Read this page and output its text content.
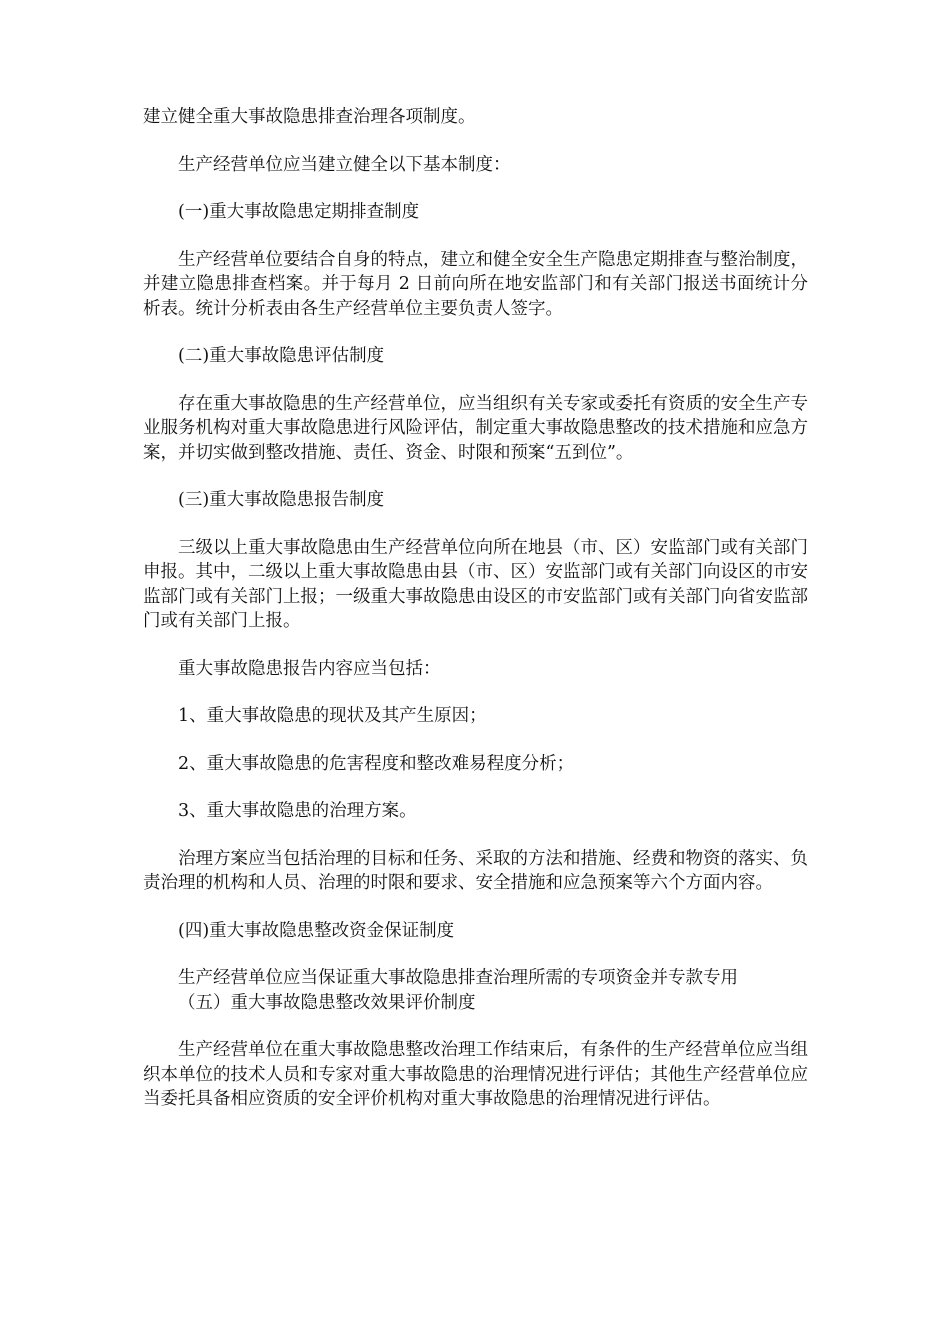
建立健全重大事故隐患排查治理各项制度。

生产经营单位应当建立健全以下基本制度：

(一)重大事故隐患定期排查制度

生产经营单位要结合自身的特点，建立和健全安全生产隐患定期排查与整治制度，并建立隐患排查档案。并于每月 2 日前向所在地安监部门和有关部门报送书面统计分析表。统计分析表由各生产经营单位主要负责人签字。

(二)重大事故隐患评估制度

存在重大事故隐患的生产经营单位，应当组织有关专家或委托有资质的安全生产专业服务机构对重大事故隐患进行风险评估，制定重大事故隐患整改的技术措施和应急方案，并切实做到整改措施、责任、资金、时限和预案“五到位”。

(三)重大事故隐患报告制度

三级以上重大事故隐患由生产经营单位向所在地县（市、区）安监部门或有关部门申报。其中，二级以上重大事故隐患由县（市、区）安监部门或有关部门向设区的市安监部门或有关部门上报；一级重大事故隐患由设区的市安监部门或有关部门向省安监部门或有关部门上报。

重大事故隐患报告内容应当包括：

1、重大事故隐患的现状及其产生原因；

2、重大事故隐患的危害程度和整改难易程度分析；

3、重大事故隐患的治理方案。

治理方案应当包括治理的目标和任务、采取的方法和措施、经费和物资的落实、负责治理的机构和人员、治理的时限和要求、安全措施和应急预案等六个方面内容。

(四)重大事故隐患整改资金保证制度

生产经营单位应当保证重大事故隐患排查治理所需的专项资金并专款专用

（五）重大事故隐患整改效果评价制度

生产经营单位在重大事故隐患整改治理工作结束后，有条件的生产经营单位应当组织本单位的技术人员和专家对重大事故隐患的治理情况进行评估；其他生产经营单位应当委托具备相应资质的安全评价机构对重大事故隐患的治理情况进行评估。
